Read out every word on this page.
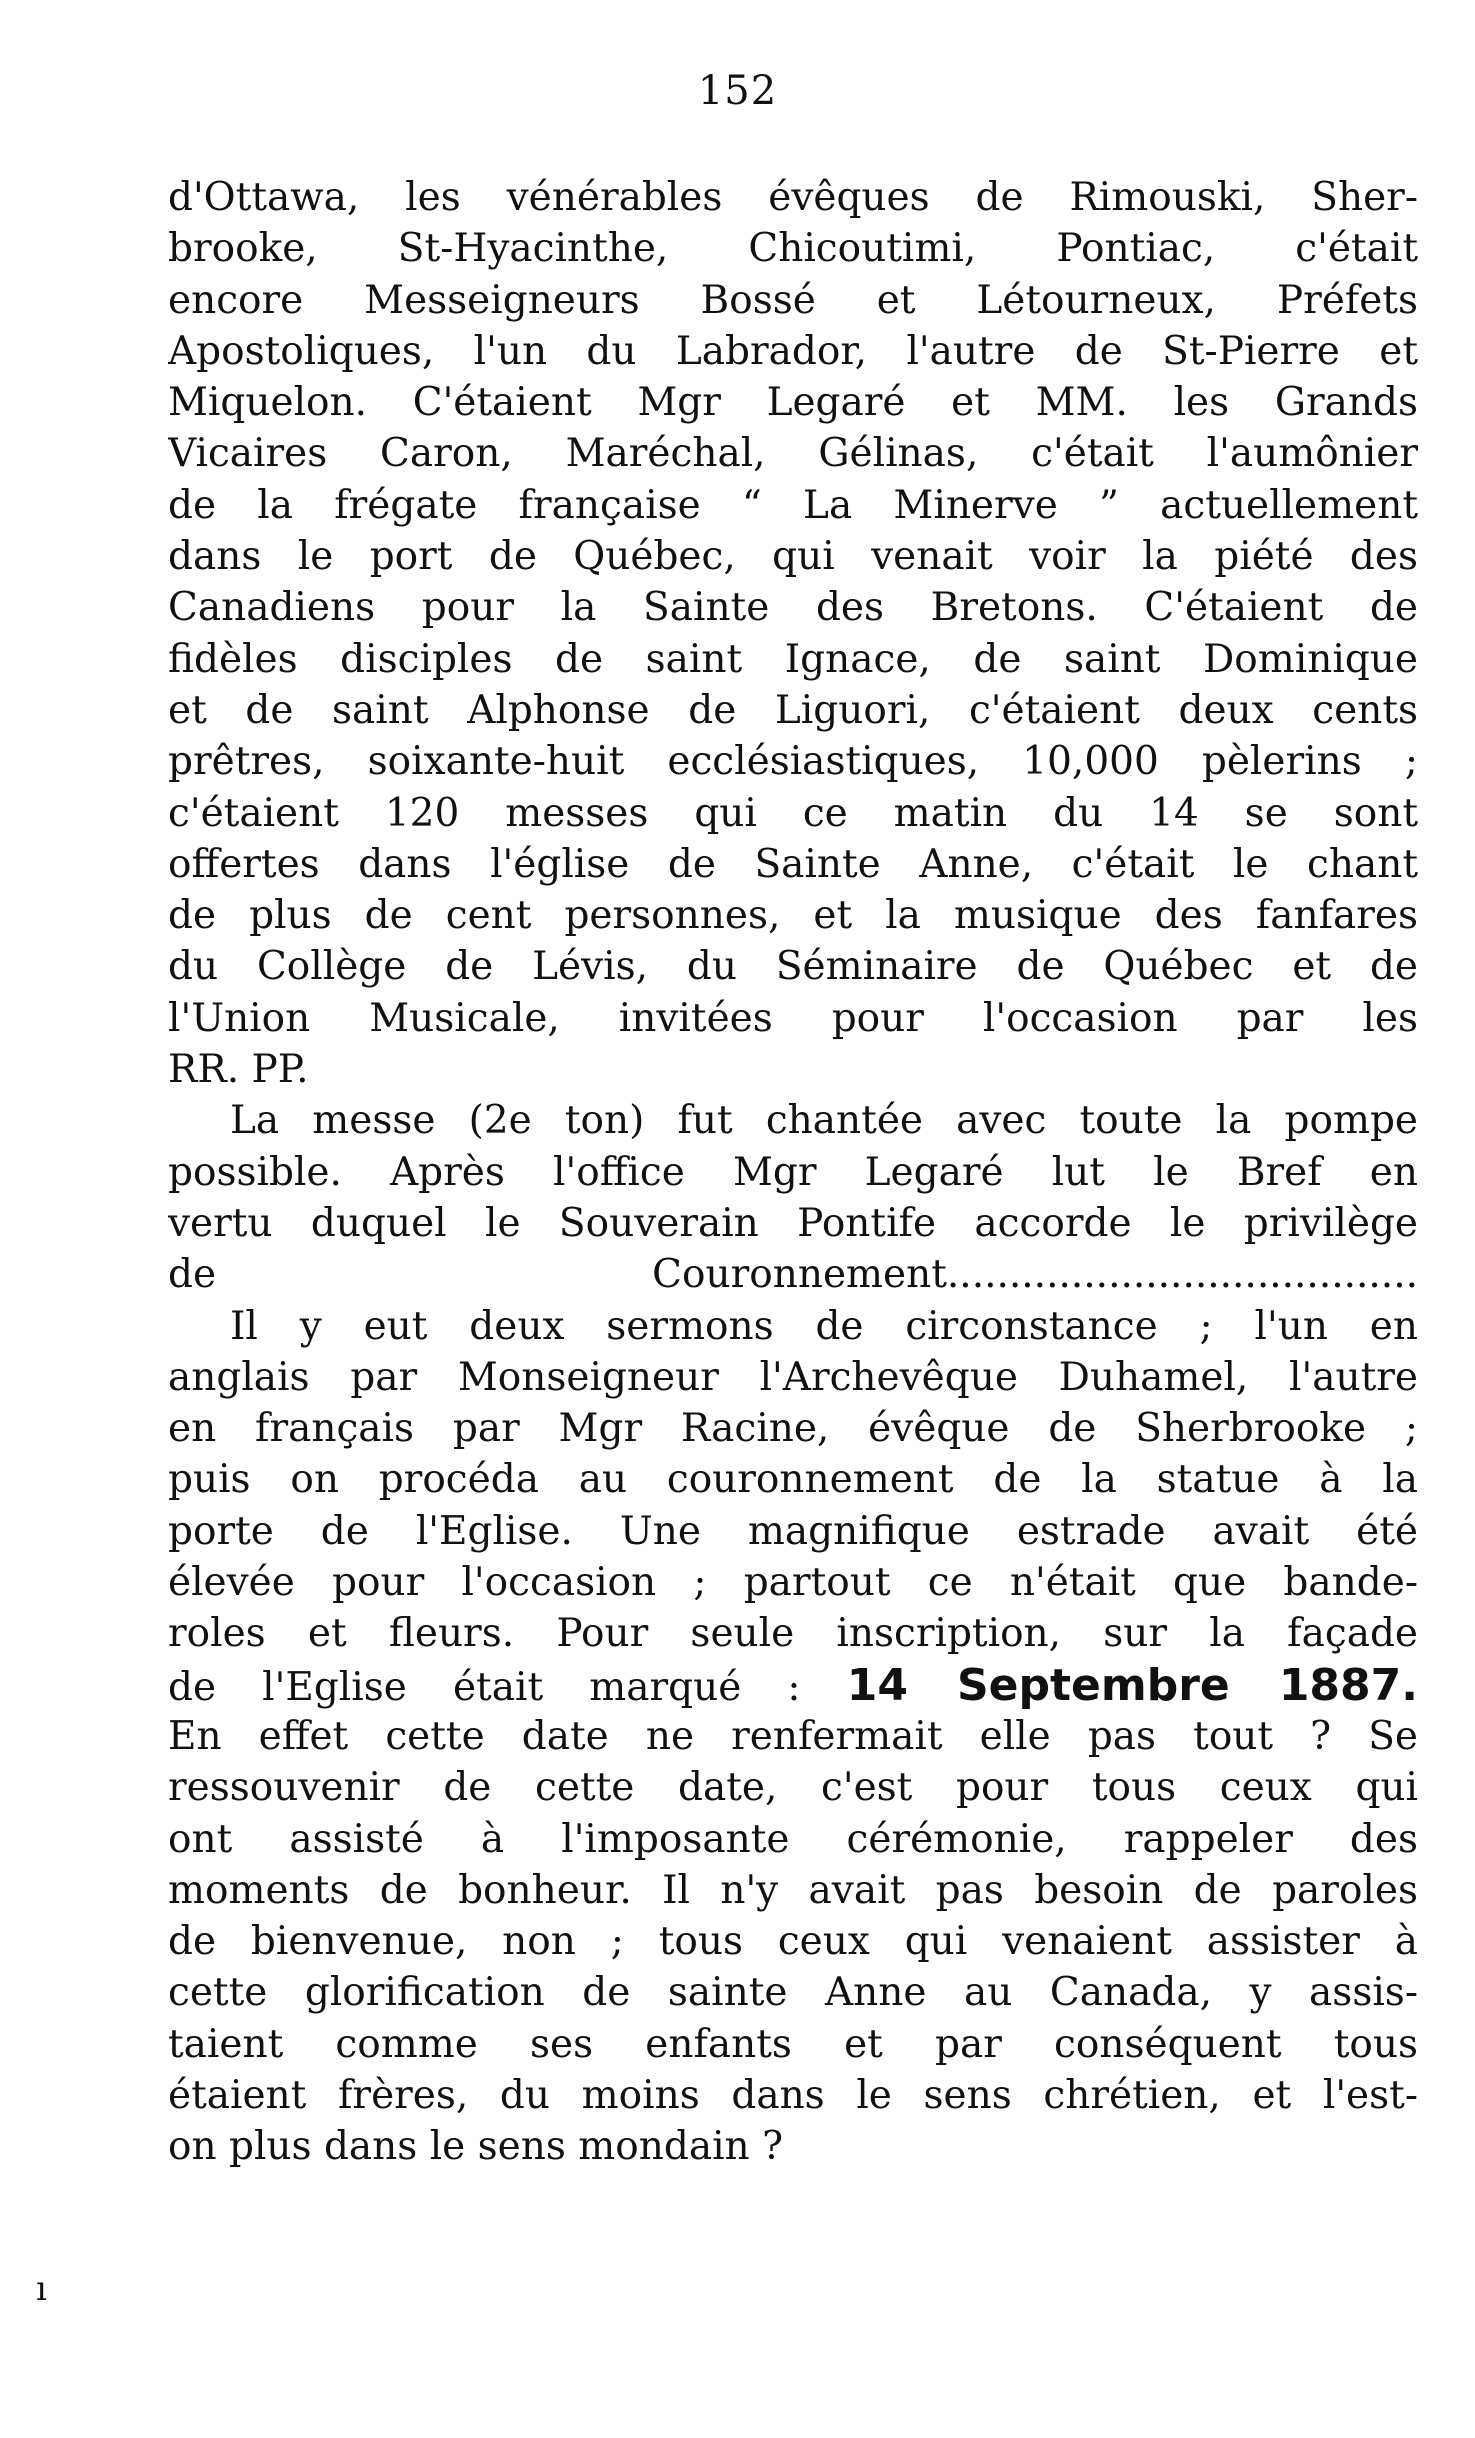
152
d'Ottawa, les vénérables évêques de Rimouski, Sher-
brooke, St-Hyacinthe, Chicoutimi, Pontiac, c'était
encore Messeigneurs Bossé et Létourneux, Préfets
Apostoliques, l'un du Labrador, l'autre de St-Pierre et
Miquelon. C'étaient Mgr Legaré et MM. les Grands
Vicaires Caron, Maréchal, Gélinas, c'était l'aumônier
de la frégate française “ La Minerve ” actuellement
dans le port de Québec, qui venait voir la piété des
Canadiens pour la Sainte des Bretons. C'étaient de
fidèles disciples de saint Ignace, de saint Dominique
et de saint Alphonse de Liguori, c'étaient deux cents
prêtres, soixante-huit ecclésiastiques, 10,000 pèlerins ;
c'étaient 120 messes qui ce matin du 14 se sont
offertes dans l'église de Sainte Anne, c'était le chant
de plus de cent personnes, et la musique des fanfares
du Collège de Lévis, du Séminaire de Québec et de
l'Union Musicale, invitées pour l'occasion par les
RR. PP.
La messe (2e ton) fut chantée avec toute la pompe
possible. Après l'office Mgr Legaré lut le Bref en
vertu duquel le Souverain Pontife accorde le privilège
de Couronnement......................................
Il y eut deux sermons de circonstance ; l'un en
anglais par Monseigneur l'Archevêque Duhamel, l'autre
en français par Mgr Racine, évêque de Sherbrooke ;
puis on procéda au couronnement de la statue à la
porte de l'Eglise. Une magnifique estrade avait été
élevée pour l'occasion ; partout ce n'était que bande-
roles et fleurs. Pour seule inscription, sur la façade
de l'Eglise était marqué : 14 Septembre 1887.
En effet cette date ne renfermait elle pas tout ? Se
ressouvenir de cette date, c'est pour tous ceux qui
ont assisté à l'imposante cérémonie, rappeler des
moments de bonheur. Il n'y avait pas besoin de paroles
de bienvenue, non ; tous ceux qui venaient assister à
cette glorification de sainte Anne au Canada, y assis-
taient comme ses enfants et par conséquent tous
étaient frères, du moins dans le sens chrétien, et l'est-
on plus dans le sens mondain ?
ı
